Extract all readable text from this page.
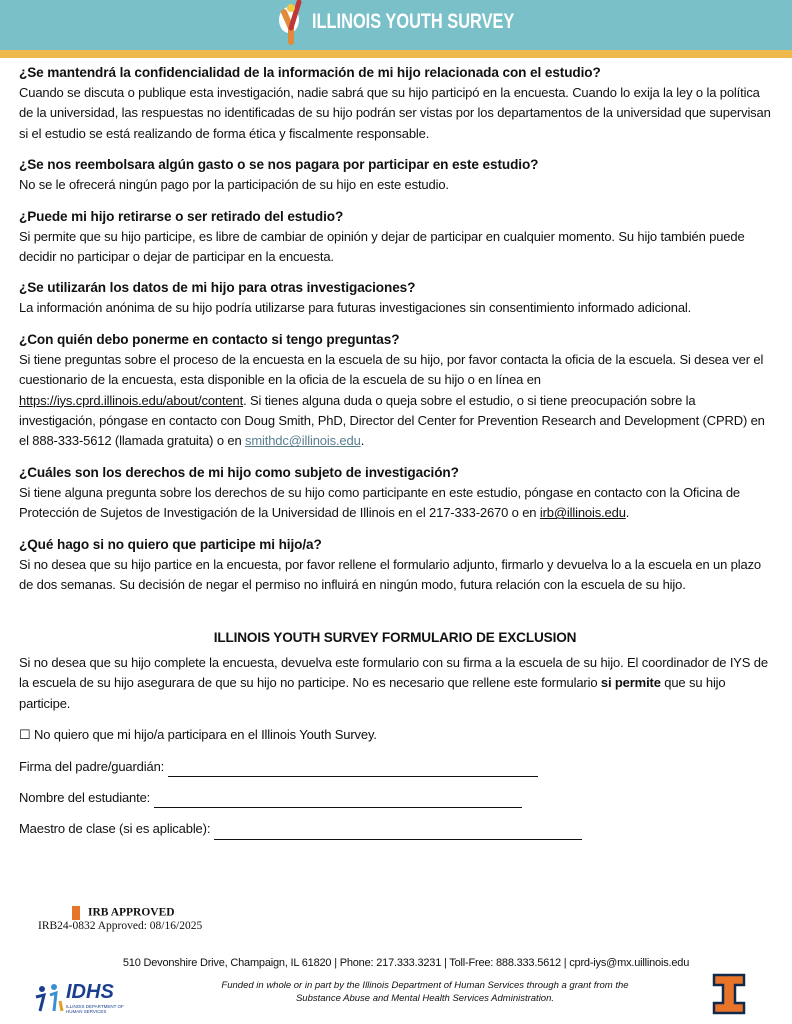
ILLINOIS YOUTH SURVEY
¿Se mantendrá la confidencialidad de la información de mi hijo relacionada con el estudio?

Cuando se discuta o publique esta investigación, nadie sabrá que su hijo participó en la encuesta. Cuando lo exija la ley o la política de la universidad, las respuestas no identificadas de su hijo podrán ser vistas por los departamentos de la universidad que supervisan si el estudio se está realizando de forma ética y fiscalmente responsable.

¿Se nos reembolsara algún gasto o se nos pagara por participar en este estudio?

No se le ofrecerá ningún pago por la participación de su hijo en este estudio.

¿Puede mi hijo retirarse o ser retirado del estudio?

Si permite que su hijo participe, es libre de cambiar de opinión y dejar de participar en cualquier momento. Su hijo también puede decidir no participar o dejar de participar en la encuesta.

¿Se utilizarán los datos de mi hijo para otras investigaciones?

La información anónima de su hijo podría utilizarse para futuras investigaciones sin consentimiento informado adicional.

¿Con quién debo ponerme en contacto si tengo preguntas?

Si tiene preguntas sobre el proceso de la encuesta en la escuela de su hijo, por favor contacta la oficia de la escuela. Si desea ver el cuestionario de la encuesta, esta disponible en la oficia de la escuela de su hijo o en línea en https://iys.cprd.illinois.edu/about/content. Si tienes alguna duda o queja sobre el estudio, o si tiene preocupación sobre la investigación, póngase en contacto con Doug Smith, PhD, Director del Center for Prevention Research and Development (CPRD) en el 888-333-5612 (llamada gratuita) o en smithdc@illinois.edu.

¿Cuáles son los derechos de mi hijo como subjeto de investigación?

Si tiene alguna pregunta sobre los derechos de su hijo como participante en este estudio, póngase en contacto con la Oficina de Protección de Sujetos de Investigación de la Universidad de Illinois en el 217-333-2670 o en irb@illinois.edu.

¿Qué hago si no quiero que participe mi hijo/a?

Si no desea que su hijo partice en la encuesta, por favor rellene el formulario adjunto, firmarlo y devuelva lo a la escuela en un plazo de dos semanas. Su decisión de negar el permiso no influirá en ningún modo, futura relación con la escuela de su hijo.

ILLINOIS YOUTH SURVEY FORMULARIO DE EXCLUSION

Si no desea que su hijo complete la encuesta, devuelva este formulario con su firma a la escuela de su hijo. El coordinador de IYS de la escuela de su hijo asegurara de que su hijo no participe. No es necesario que rellene este formulario si permite que su hijo participe.

☐ No quiero que mi hijo/a participara en el Illinois Youth Survey.
Firma del padre/guardián:
Nombre del estudiante:
Maestro de clase (si es aplicable):
IRB APPROVED
IRB24-0832 Approved: 08/16/2025
510 Devonshire Drive, Champaign, IL 61820 | Phone: 217.333.3231 | Toll-Free: 888.333.5612 | cprd-iys@mx.uillinois.edu
IDHS
ILLINOIS DEPARTMENT OF HUMAN SERVICES
Funded in whole or in part by the Illinois Department of Human Services through a grant from the
Substance Abuse and Mental Health Services Administration.
